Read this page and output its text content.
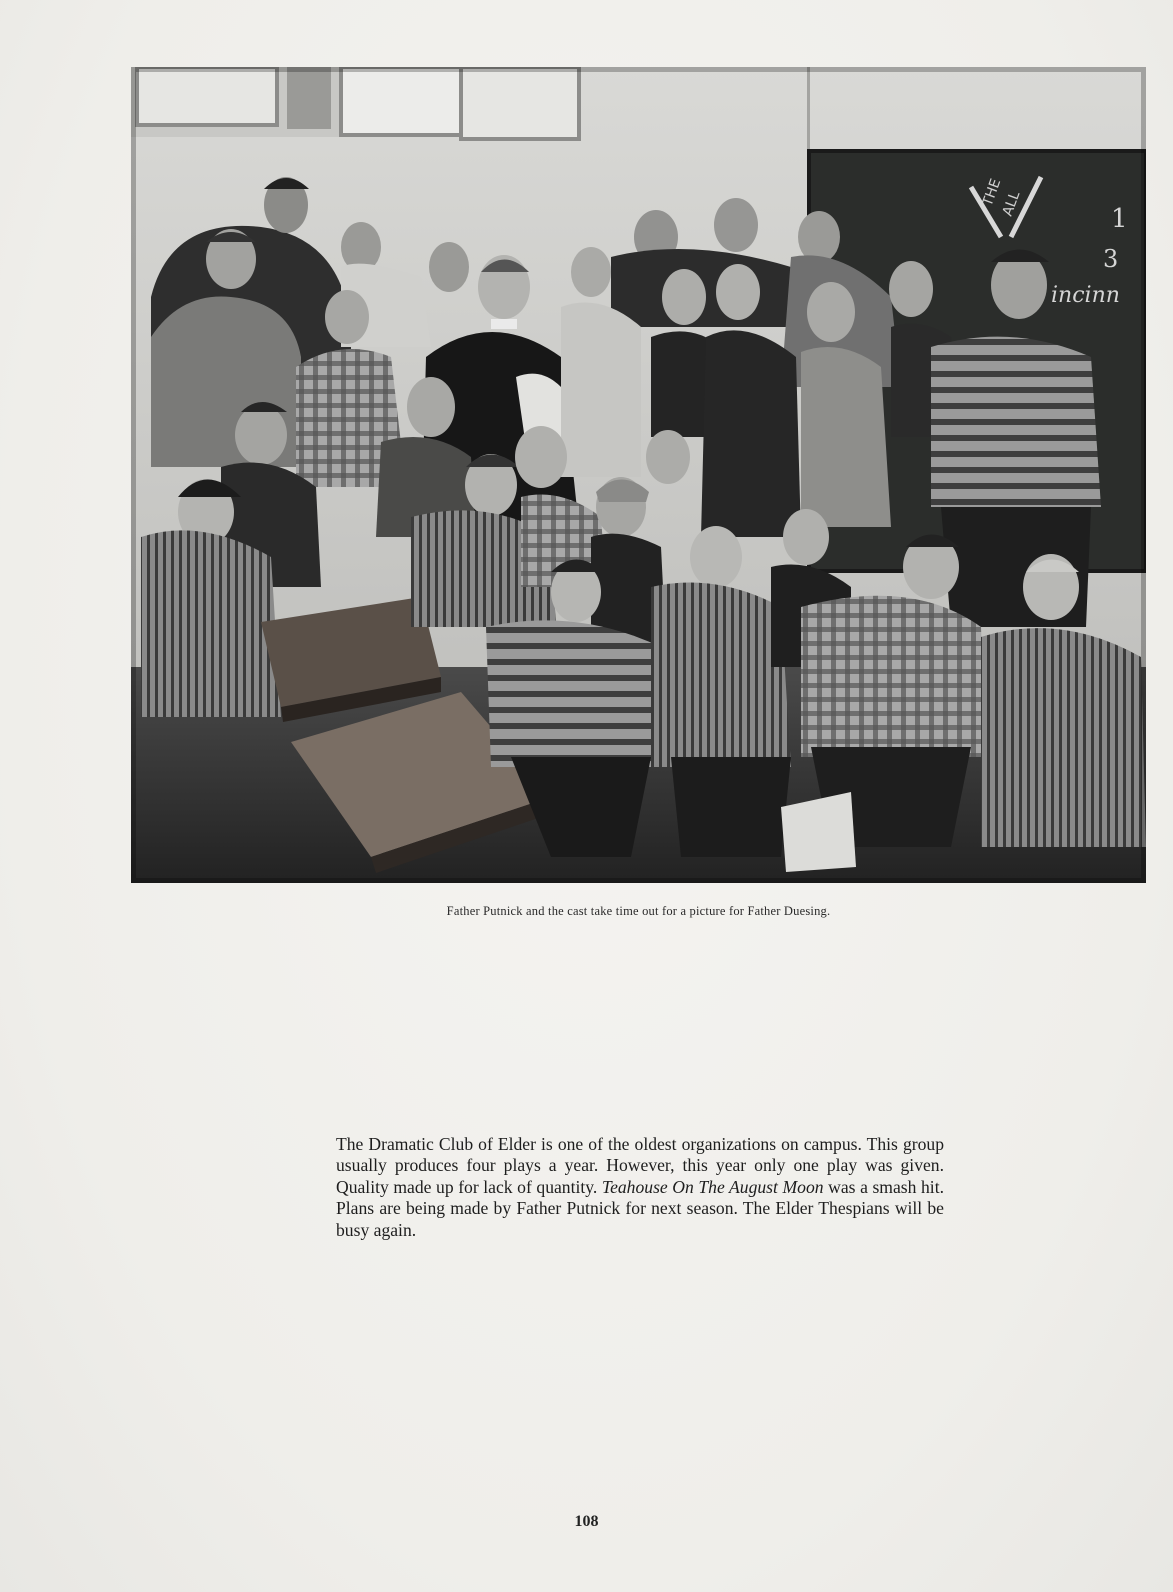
THE
ALL
1
3
incinn
Father Putnick and the cast take time out for a picture for Father Duesing.

The Dramatic Club of Elder is one of the oldest organizations on campus. This group usually produces four plays a year. However, this year only one play was given. Quality made up for lack of quantity. Teahouse On The August Moon was a smash hit. Plans are being made by Father Putnick for next season. The Elder Thespians will be busy again.

108
